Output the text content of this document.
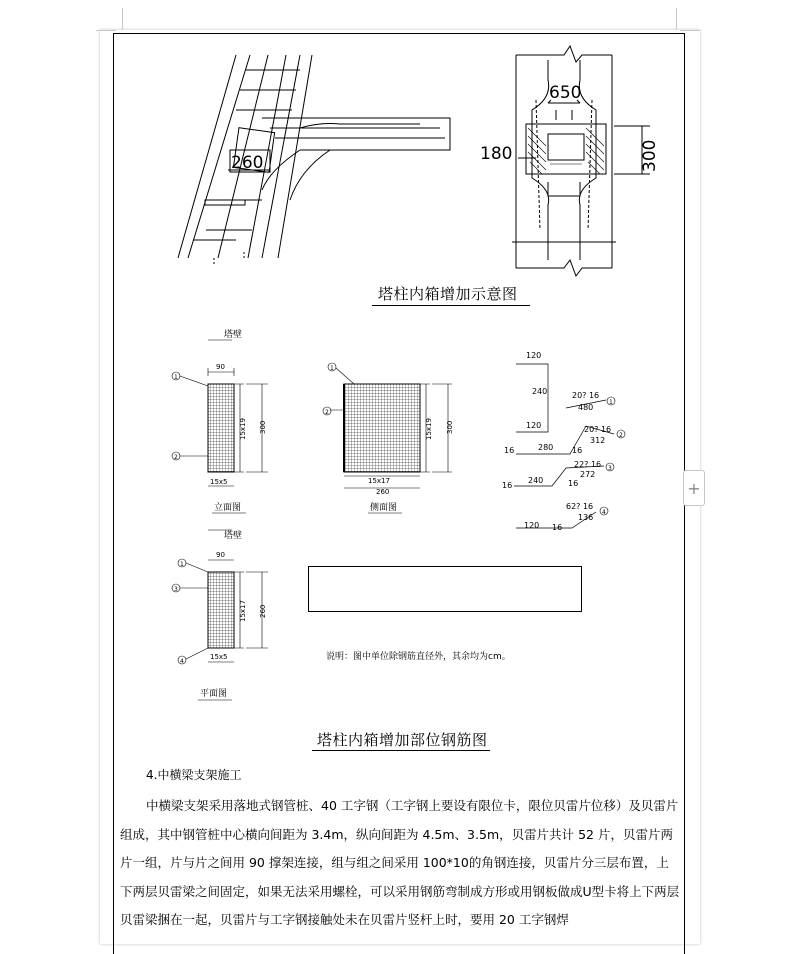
260
650
180	300
塔柱内箱增加示意图
1
2
塔壁
90
15x19 300
15x5
立面图
1
2
15x19 300
15x17
260
侧面图
1
3
4
塔壁
90
15x17 260
15x5
平面图
120
240
120
20? 16
480
1
16	280 16
20? 16
312
2
16
240	16
22? 16
272
3
120 16
62? 16
136
4
说明：图中单位除钢筋直径外，其余均为cm。
塔柱内箱增加部位钢筋图
4.中横梁支架施工
中横梁支架采用落地式钢管桩、40 工字钢（工字钢上要设有限位卡，限位贝雷片位移）及贝雷片组成，其中钢管桩中心横向间距为 3.4m，纵向间距为 4.5m、3.5m，贝雷片共计 52 片，贝雷片两片一组，片与片之间用 90 撑架连接，组与组之间采用 100*10的角钢连接，贝雷片分三层布置，上下两层贝雷梁之间固定，如果无法采用螺栓，可以采用钢筋弯制成方形或用钢板做成U型卡将上下两层贝雷梁捆在一起，贝雷片与工字钢接触处未在贝雷片竖杆上时，要用 20 工字钢焊
+
